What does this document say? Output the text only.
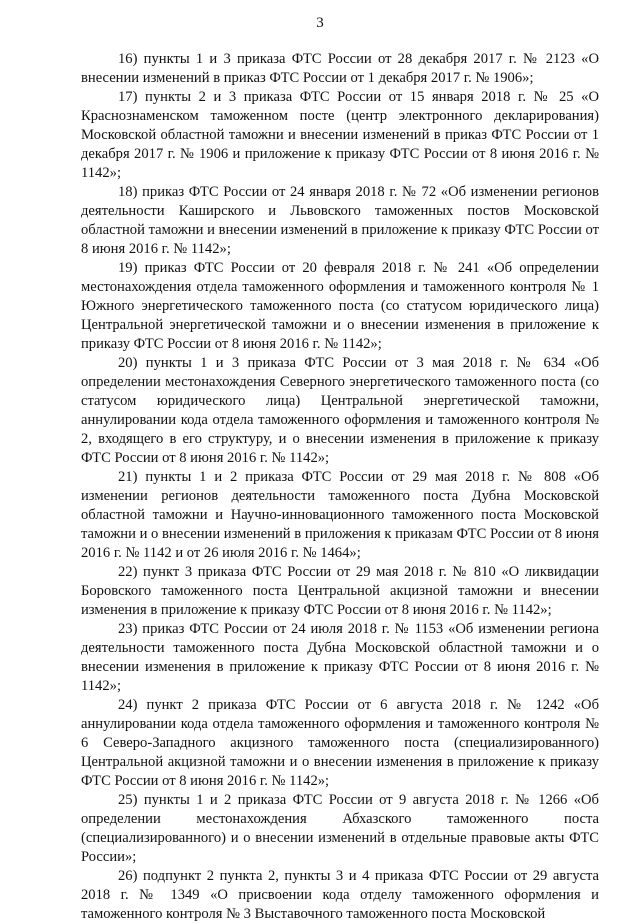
3

16) пункты 1 и 3 приказа ФТС России от 28 декабря 2017 г. № 2123 «О внесении изменений в приказ ФТС России от 1 декабря 2017 г. № 1906»;

17) пункты 2 и 3 приказа ФТС России от 15 января 2018 г. № 25 «О Краснознаменском таможенном посте (центр электронного декларирования) Московской областной таможни и внесении изменений в приказ ФТС России от 1 декабря 2017 г. № 1906 и приложение к приказу ФТС России от 8 июня 2016 г. № 1142»;

18) приказ ФТС России от 24 января 2018 г. № 72 «Об изменении регионов деятельности Каширского и Львовского таможенных постов Московской областной таможни и внесении изменений в приложение к приказу ФТС России от 8 июня 2016 г. № 1142»;

19) приказ ФТС России от 20 февраля 2018 г. № 241 «Об определении местонахождения отдела таможенного оформления и таможенного контроля № 1 Южного энергетического таможенного поста (со статусом юридического лица) Центральной энергетической таможни и о внесении изменения в приложение к приказу ФТС России от 8 июня 2016 г. № 1142»;

20) пункты 1 и 3 приказа ФТС России от 3 мая 2018 г. № 634 «Об определении местонахождения Северного энергетического таможенного поста (со статусом юридического лица) Центральной энергетической таможни, аннулировании кода отдела таможенного оформления и таможенного контроля № 2, входящего в его структуру, и о внесении изменения в приложение к приказу ФТС России от 8 июня 2016 г. № 1142»;

21) пункты 1 и 2 приказа ФТС России от 29 мая 2018 г. № 808 «Об изменении регионов деятельности таможенного поста Дубна Московской областной таможни и Научно-инновационного таможенного поста Московской таможни и о внесении изменений в приложения к приказам ФТС России от 8 июня 2016 г. № 1142 и от 26 июля 2016 г. № 1464»;

22) пункт 3 приказа ФТС России от 29 мая 2018 г. № 810 «О ликвидации Боровского таможенного поста Центральной акцизной таможни и внесении изменения в приложение к приказу ФТС России от 8 июня 2016 г. № 1142»;

23) приказ ФТС России от 24 июля 2018 г. № 1153 «Об изменении региона деятельности таможенного поста Дубна Московской областной таможни и о внесении изменения в приложение к приказу ФТС России от 8 июня 2016 г. № 1142»;

24) пункт 2 приказа ФТС России от 6 августа 2018 г. № 1242 «Об аннулировании кода отдела таможенного оформления и таможенного контроля № 6 Северо-Западного акцизного таможенного поста (специализированного) Центральной акцизной таможни и о внесении изменения в приложение к приказу ФТС России от 8 июня 2016 г. № 1142»;

25) пункты 1 и 2 приказа ФТС России от 9 августа 2018 г. № 1266 «Об определении местонахождения Абхазского таможенного поста (специализированного) и о внесении изменений в отдельные правовые акты ФТС России»;

26) подпункт 2 пункта 2, пункты 3 и 4 приказа ФТС России от 29 августа 2018 г. № 1349 «О присвоении кода отделу таможенного оформления и таможенного контроля № 3 Выставочного таможенного поста Московской
